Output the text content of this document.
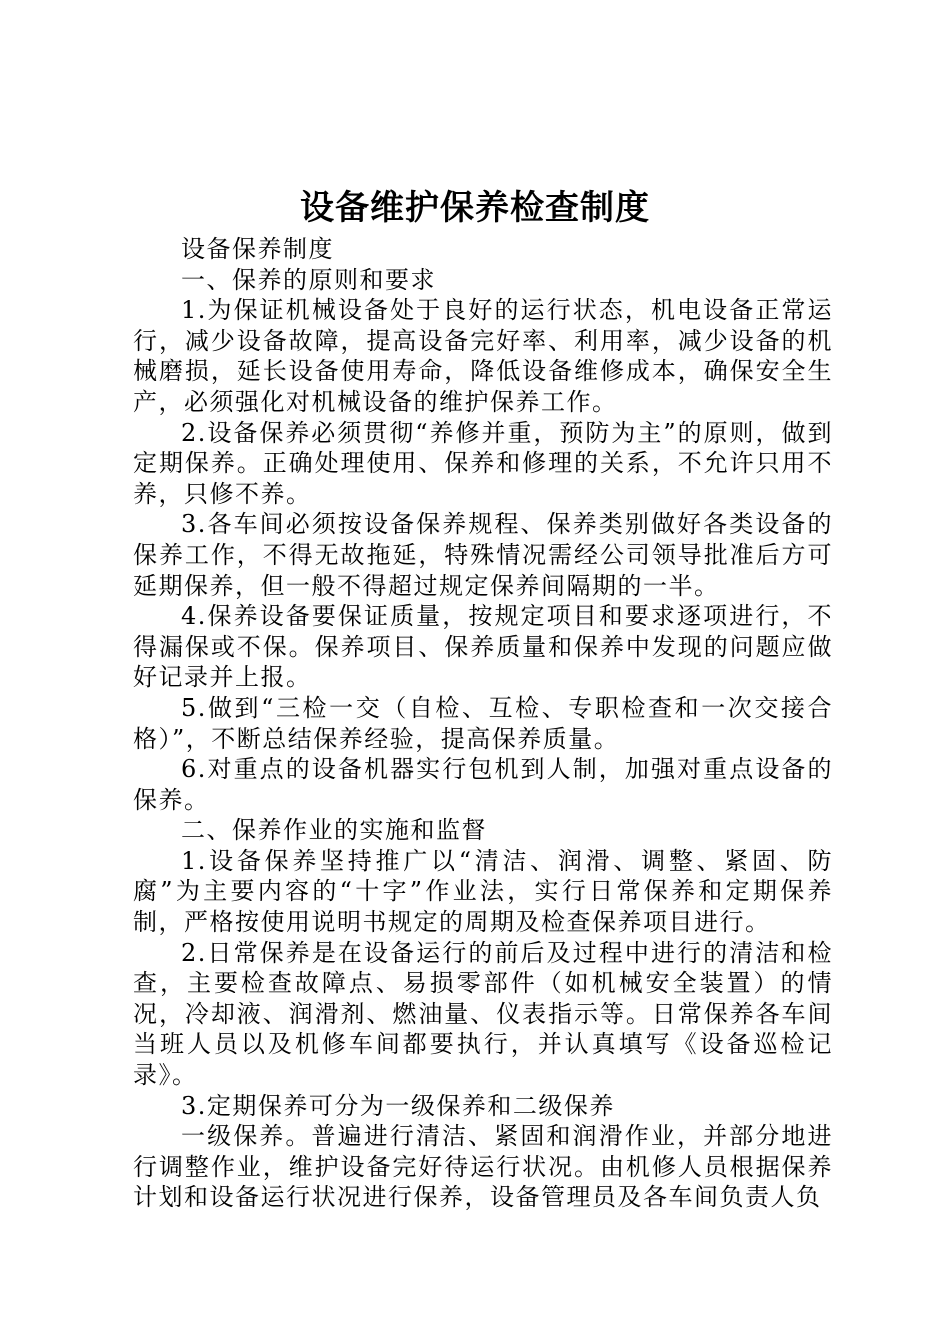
设备维护保养检查制度

设备保养制度

一、保养的原则和要求

1.为保证机械设备处于良好的运行状态，机电设备正常运行，减少设备故障，提高设备完好率、利用率，减少设备的机械磨损，延长设备使用寿命，降低设备维修成本，确保安全生产，必须强化对机械设备的维护保养工作。

2.设备保养必须贯彻“养修并重，预防为主”的原则，做到定期保养。正确处理使用、保养和修理的关系，不允许只用不养，只修不养。

3.各车间必须按设备保养规程、保养类别做好各类设备的保养工作，不得无故拖延，特殊情况需经公司领导批准后方可延期保养，但一般不得超过规定保养间隔期的一半。

4.保养设备要保证质量，按规定项目和要求逐项进行，不得漏保或不保。保养项目、保养质量和保养中发现的问题应做好记录并上报。

5.做到“三检一交（自检、互检、专职检查和一次交接合格）”，不断总结保养经验，提高保养质量。

6.对重点的设备机器实行包机到人制，加强对重点设备的保养。

二、保养作业的实施和监督

1.设备保养坚持推广以“清洁、润滑、调整、紧固、防腐”为主要内容的“十字”作业法，实行日常保养和定期保养制，严格按使用说明书规定的周期及检查保养项目进行。

2.日常保养是在设备运行的前后及过程中进行的清洁和检查，主要检查故障点、易损零部件（如机械安全装置）的情况，冷却液、润滑剂、燃油量、仪表指示等。日常保养各车间当班人员以及机修车间都要执行，并认真填写《设备巡检记录》。

3.定期保养可分为一级保养和二级保养

一级保养。普遍进行清洁、紧固和润滑作业，并部分地进行调整作业，维护设备完好待运行状况。由机修人员根据保养计划和设备运行状况进行保养，设备管理员及各车间负责人负
